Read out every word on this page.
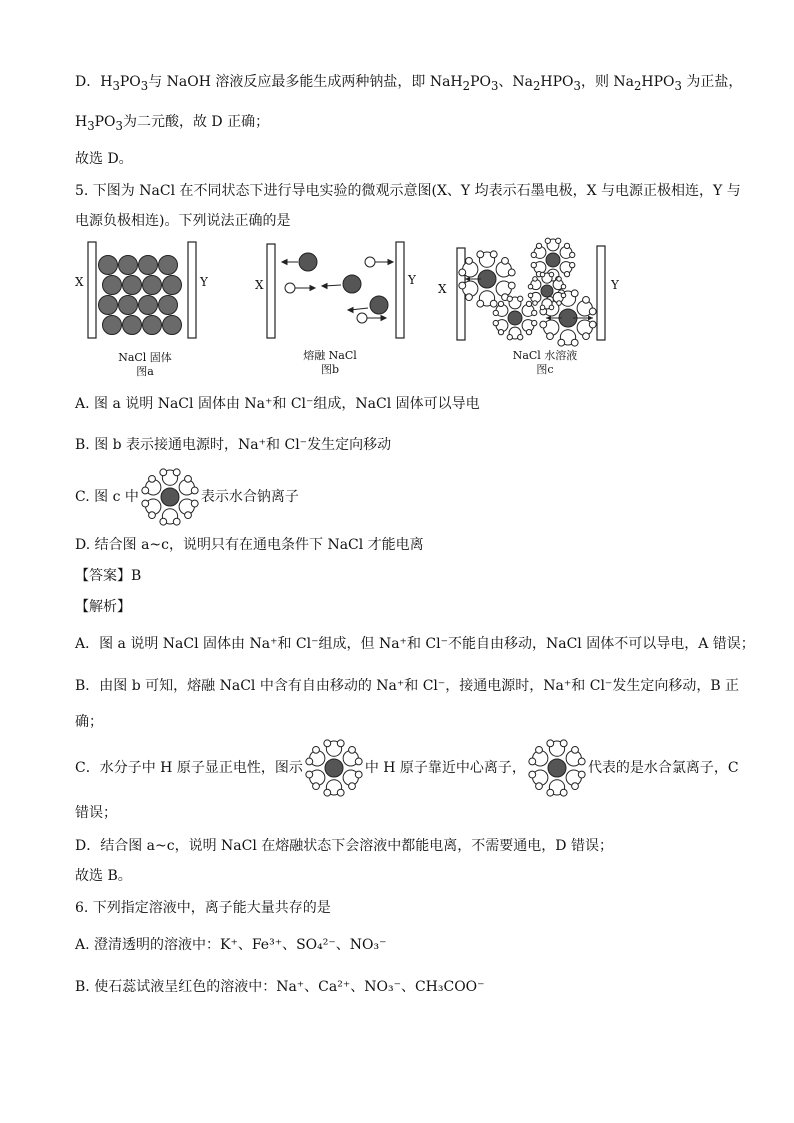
D．$H_3PO_3$与 NaOH 溶液反应最多能生成两种钠盐，即 $NaH_2PO_3$、$Na_2HPO_3$，则 $Na_2HPO_3$ 为正盐，
$H_3PO_3$为二元酸，故 D 正确；
故选 D。
5. 下图为 NaCl 在不同状态下进行导电实验的微观示意图(X、Y 均表示石墨电极，X 与电源正极相连，Y 与
电源负极相连)。下列说法正确的是
X	Y
NaCl 固体
图a
X	Y
熔融 NaCl
图b
X	Y
NaCl 水溶液
图c
A. 图 a 说明 NaCl 固体由 Na⁺和 Cl⁻组成，NaCl 固体可以导电
B. 图 b 表示接通电源时，Na⁺和 Cl⁻发生定向移动
C. 图 c 中	表示水合钠离子
D. 结合图 a~c，说明只有在通电条件下 NaCl 才能电离
【答案】B
【解析】
A．图 a 说明 NaCl 固体由 Na⁺和 Cl⁻组成，但 Na⁺和 Cl⁻不能自由移动，NaCl 固体不可以导电，A 错误；
B．由图 b 可知，熔融 NaCl 中含有自由移动的 Na⁺和 Cl⁻，接通电源时，Na⁺和 Cl⁻发生定向移动，B 正
确；
C．水分子中 H 原子显正电性，图示	中 H 原子靠近中心离子，	代表的是水合氯离子，C
错误；
D．结合图 a~c，说明 NaCl 在熔融状态下会溶液中都能电离，不需要通电，D 错误；
故选 B。
6. 下列指定溶液中，离子能大量共存的是
A. 澄清透明的溶液中：K⁺、Fe³⁺、SO₄²⁻、NO₃⁻
B. 使石蕊试液呈红色的溶液中：Na⁺、Ca²⁺、NO₃⁻、CH₃COO⁻
